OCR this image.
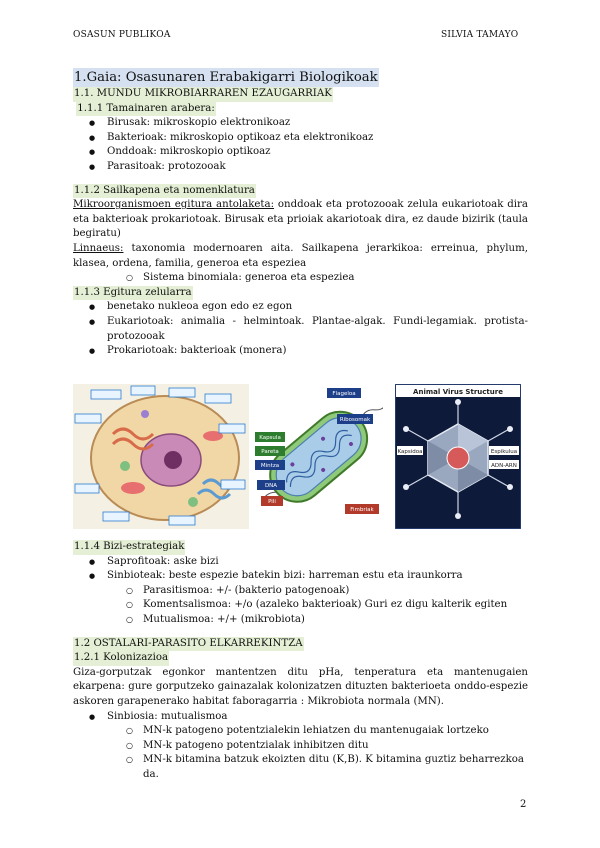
OSASUN PUBLIKOA	SILVIA TAMAYO
1.Gaia: Osasunaren Erabakigarri Biologikoak
1.1. MUNDU MIKROBIARRAREN EZAUGARRIAK
1.1.1 Tamainaren arabera:
● Birusak: mikroskopio elektronikoaz
● Bakterioak: mikroskopio optikoaz eta elektronikoaz
● Onddoak: mikroskopio optikoaz
● Parasitoak: protozooak
1.1.2 Sailkapena eta nomenklatura

Mikroorganismoen egitura antolaketa: onddoak eta protozooak zelula eukariotoak dira eta bakterioak prokariotoak. Birusak eta prioiak akariotoak dira, ez daude bizirik (taula begiratu)

Linnaeus: taxonomia modernoaren aita. Sailkapena jerarkikoa: erreinua, phylum, klasea, ordena, familia, generoa eta espeziea

○ Sistema binomiala: generoa eta espeziea
1.1.3 Egitura zelularra
● benetako nukleoa egon edo ez egon
● Eukariotoak: animalia - helmintoak. Plantae-algak. Fundi-legamiak. protista-protozooak
● Prokariotoak: bakterioak (monera)
Flageloa
Ribosomak
Kapsula
Pareta
Mintza
DNA
Pili
Fimbriak
Animal Virus Structure
Kapsidoa	Espikulua
ADN-ARN
1.1.4 Bizi-estrategiak
● Saprofitoak: aske bizi
● Sinbioteak: beste espezie batekin bizi: harreman estu eta iraunkorra
○ Parasitismoa: +/- (bakterio patogenoak)
○ Komentsalismoa: +/o (azaleko bakterioak) Guri ez digu kalterik egiten
○ Mutualismoa: +/+ (mikrobiota)
1.2 OSTALARI-PARASITO ELKARREKINTZA
1.2.1 Kolonizazioa

Giza-gorputzak egonkor mantentzen ditu pHa, tenperatura eta mantenugaien ekarpena: gure gorputzeko gainazalak kolonizatzen dituzten bakterioeta onddo-espezie askoren garapenerako habitat faboragarria : Mikrobiota normala (MN).

● Sinbiosia: mutualismoa
○ MN-k patogeno potentzialekin lehiatzen du mantenugaiak lortzeko
○ MN-k patogeno potentzialak inhibitzen ditu
○ MN-k bitamina batzuk ekoizten ditu (K,B). K bitamina guztiz beharrezkoa da.
2
